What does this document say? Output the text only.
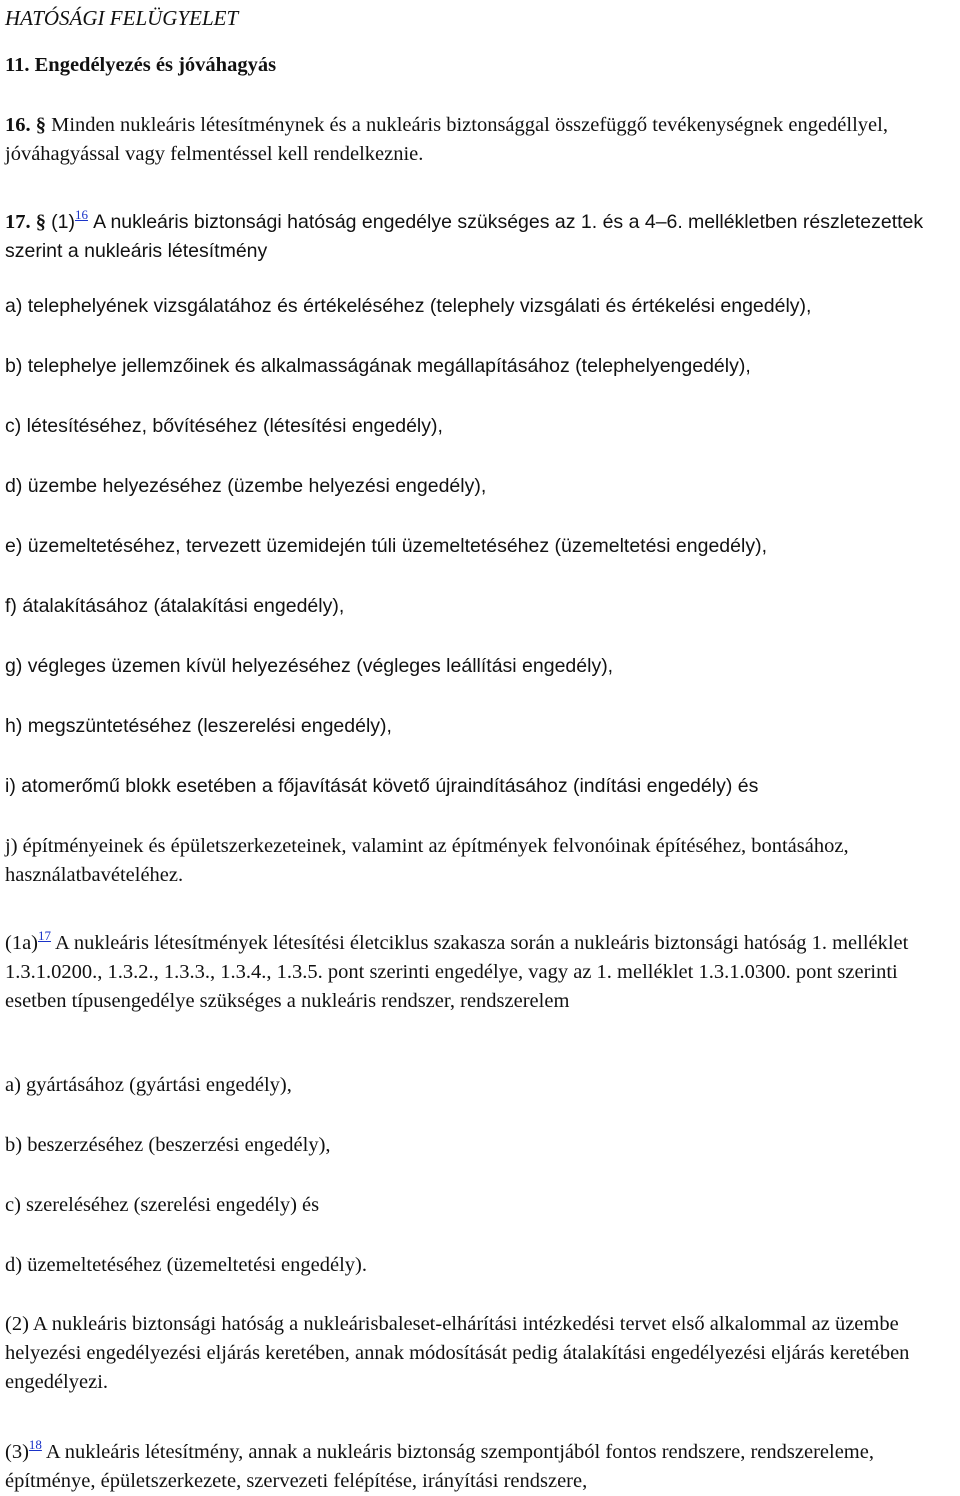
HATÓSÁGI FELÜGYELET

11. Engedélyezés és jóváhagyás

16. § Minden nukleáris létesítménynek és a nukleáris biztonsággal összefüggő tevékenységnek engedéllyel, jóváhagyással vagy felmentéssel kell rendelkeznie.

17. § $(1)^{16}$ A nukleáris biztonsági hatóság engedélye szükséges az 1. és a 4–6. mellékletben részletezettek szerint a nukleáris létesítmény

a) telephelyének vizsgálatához és értékeléséhez (telephely vizsgálati és értékelési engedély),

b) telephelye jellemzőinek és alkalmasságának megállapításához (telephelyengedély),

c) létesítéséhez, bővítéséhez (létesítési engedély),

d) üzembe helyezéséhez (üzembe helyezési engedély),

e) üzemeltetéséhez, tervezett üzemidején túli üzemeltetéséhez (üzemeltetési engedély),

f) átalakításához (átalakítási engedély),

g) végleges üzemen kívül helyezéséhez (végleges leállítási engedély),

h) megszüntetéséhez (leszerelési engedély),

i) atomerőmű blokk esetében a főjavítását követő újraindításához (indítási engedély) és

j) építményeinek és épületszerkezeteinek, valamint az építmények felvonóinak építéséhez, bontásához, használatbavételéhez.

$(1a)^{17}$ A nukleáris létesítmények létesítési életciklus szakasza során a nukleáris biztonsági hatóság 1. melléklet 1.3.1.0200., 1.3.2., 1.3.3., 1.3.4., 1.3.5. pont szerinti engedélye, vagy az 1. melléklet 1.3.1.0300. pont szerinti esetben típusengedélye szükséges a nukleáris rendszer, rendszerelem

a) gyártásához (gyártási engedély),

b) beszerzéséhez (beszerzési engedély),

c) szereléséhez (szerelési engedély) és

d) üzemeltetéséhez (üzemeltetési engedély).

(2) A nukleáris biztonsági hatóság a nukleárisbaleset-elhárítási intézkedési tervet első alkalommal az üzembe helyezési engedélyezési eljárás keretében, annak módosítását pedig átalakítási engedélyezési eljárás keretében engedélyezi.

$(3)^{18}$ A nukleáris létesítmény, annak a nukleáris biztonság szempontjából fontos rendszere, rendszereleme, építménye, épületszerkezete, szervezeti felépítése, irányítási rendszere,
